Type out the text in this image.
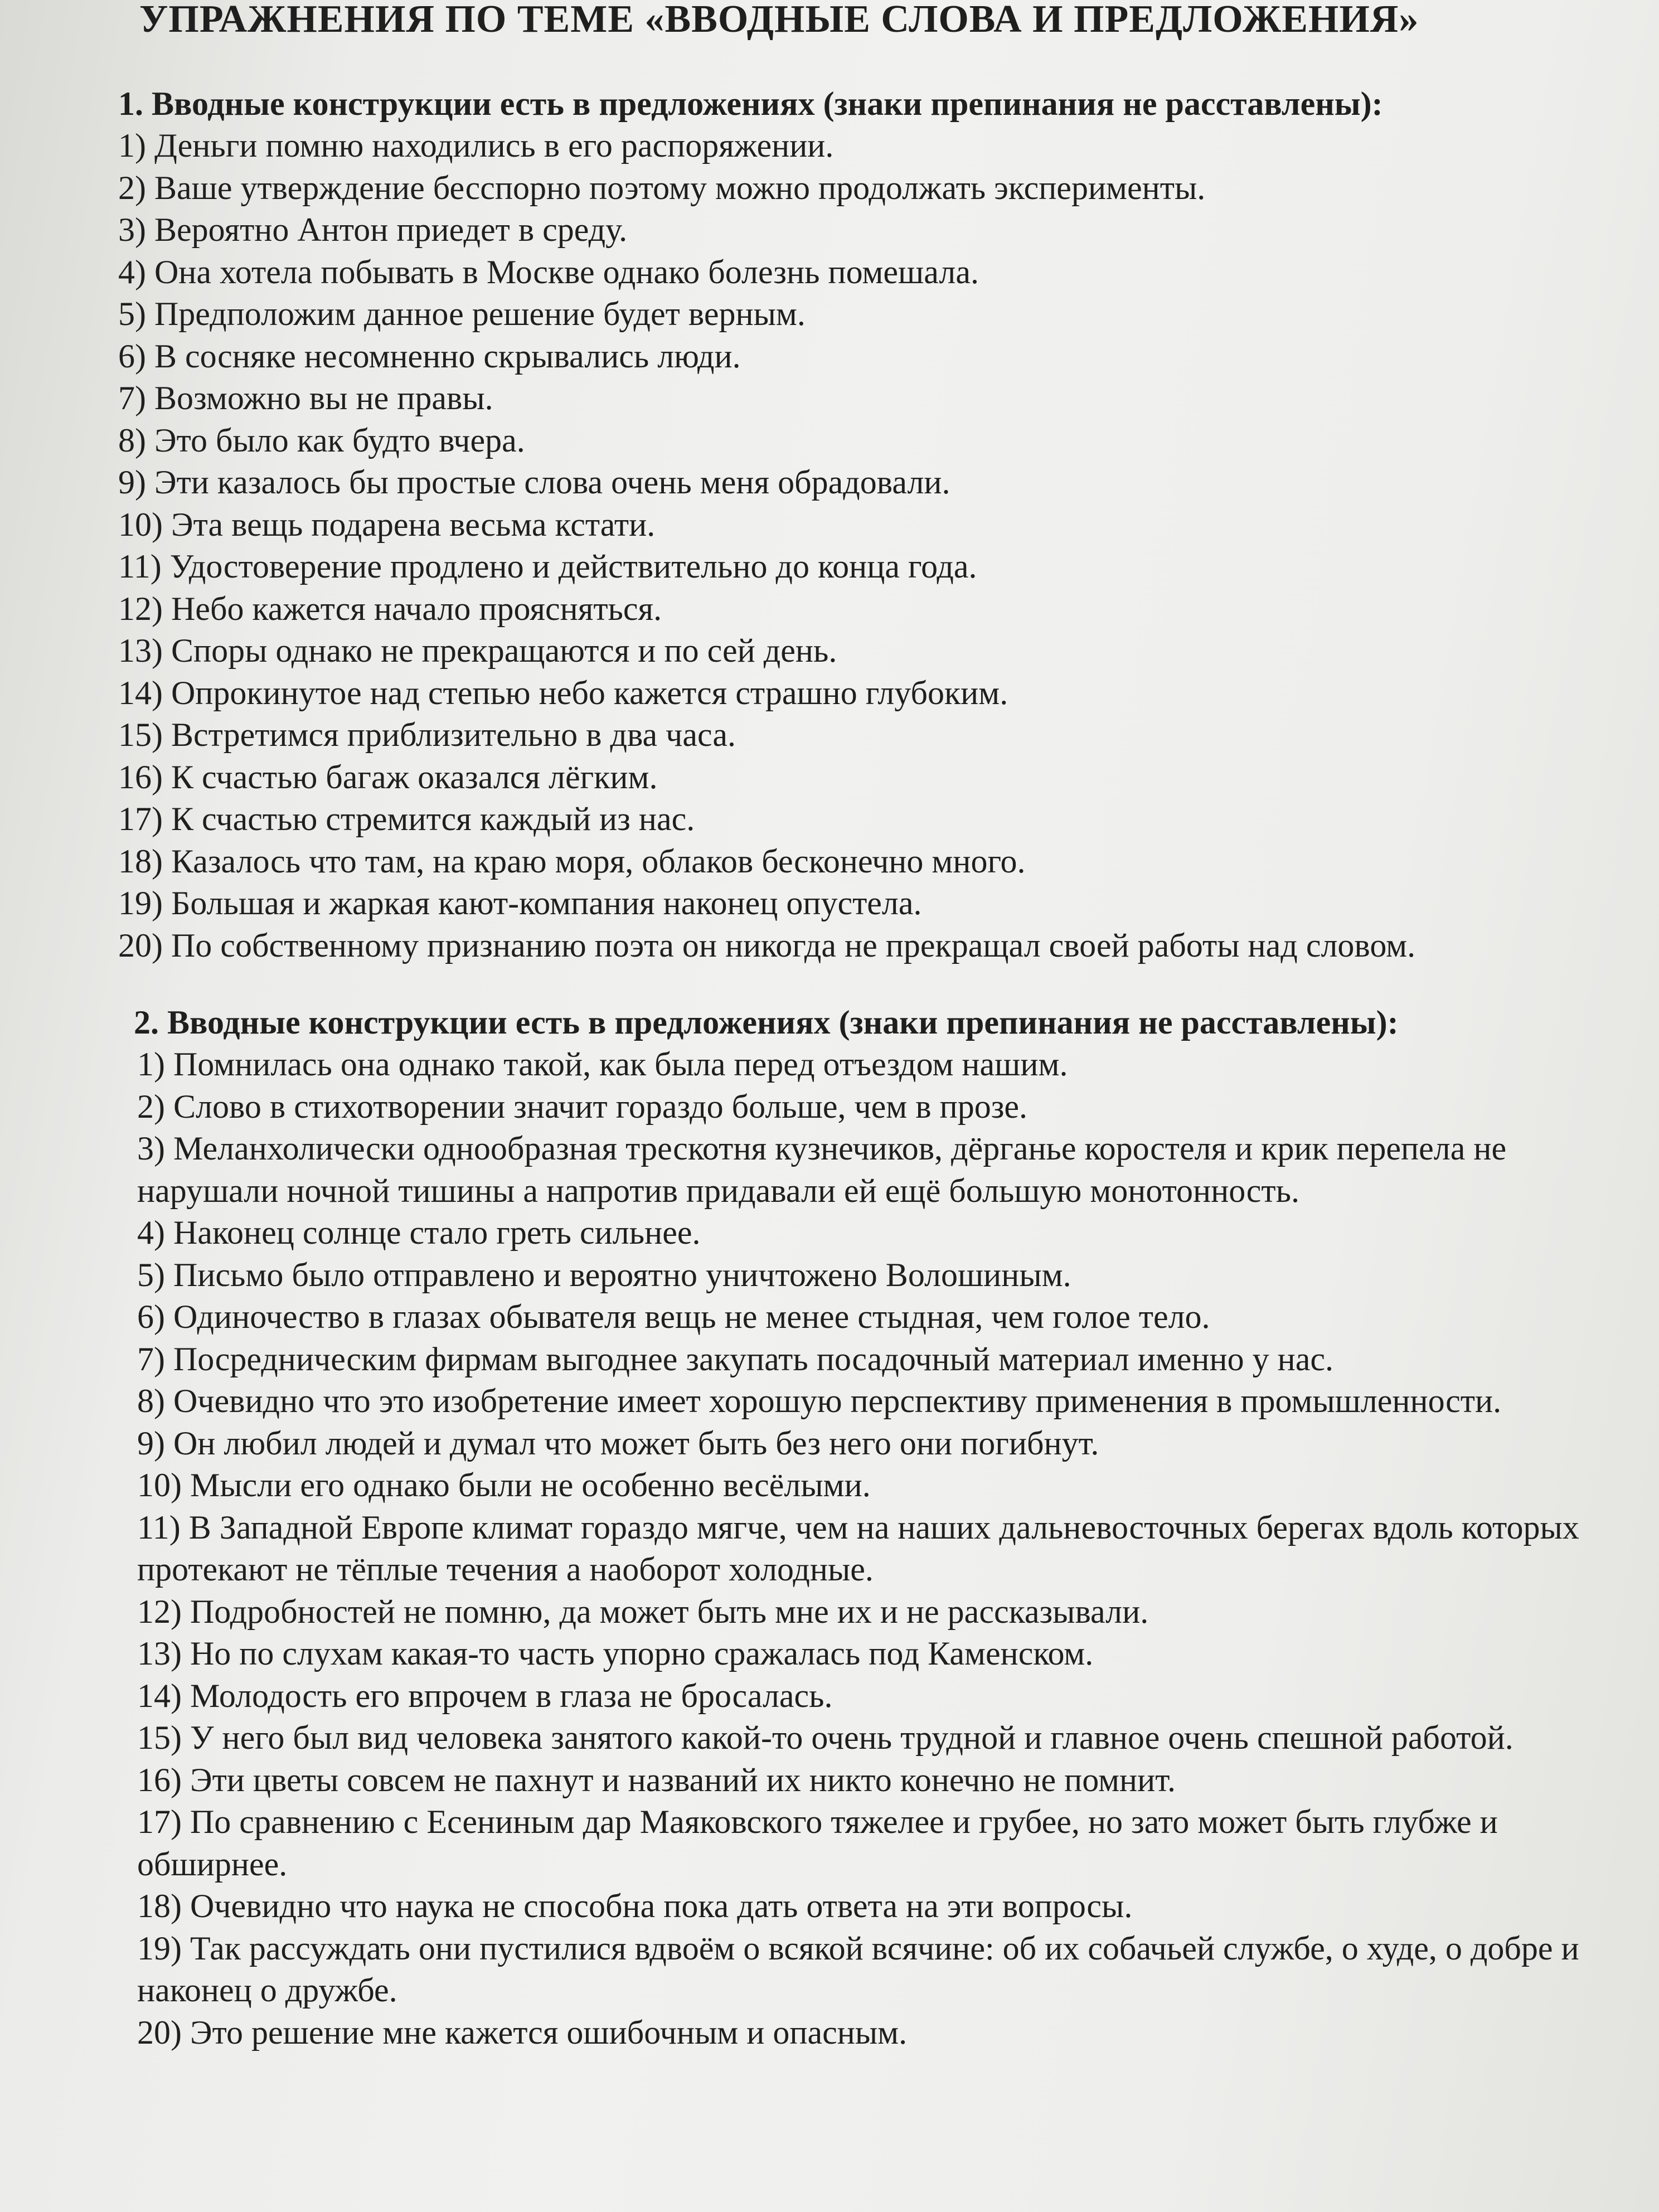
УПРАЖНЕНИЯ ПО ТЕМЕ «ВВОДНЫЕ СЛОВА И ПРЕДЛОЖЕНИЯ»
1. Вводные конструкции есть в предложениях (знаки препинания не расставлены):
1) Деньги помню находились в его распоряжении.
2) Ваше утверждение бесспорно поэтому можно продолжать эксперименты.
3) Вероятно Антон приедет в среду.
4) Она хотела побывать в Москве однако болезнь помешала.
5) Предположим данное решение будет верным.
6) В сосняке несомненно скрывались люди.
7) Возможно вы не правы.
8) Это было как будто вчера.
9) Эти казалось бы простые слова очень меня обрадовали.
10) Эта вещь подарена весьма кстати.
11) Удостоверение продлено и действительно до конца года.
12) Небо кажется начало проясняться.
13) Споры однако не прекращаются и по сей день.
14) Опрокинутое над степью небо кажется страшно глубоким.
15) Встретимся приблизительно в два часа.
16) К счастью багаж оказался лёгким.
17) К счастью стремится каждый из нас.
18) Казалось что там, на краю моря, облаков бесконечно много.
19) Большая и жаркая кают-компания наконец опустела.
20) По собственному признанию поэта он никогда не прекращал своей работы над словом.
2. Вводные конструкции есть в предложениях (знаки препинания не расставлены):
1) Помнилась она однако такой, как была перед отъездом нашим.
2) Слово в стихотворении значит гораздо больше, чем в прозе.
3) Меланхолически однообразная трескотня кузнечиков, дёрганье коростеля и крик перепела не нарушали ночной тишины а напротив придавали ей ещё большую монотонность.
4) Наконец солнце стало греть сильнее.
5) Письмо было отправлено и вероятно уничтожено Волошиным.
6) Одиночество в глазах обывателя вещь не менее стыдная, чем голое тело.
7) Посредническим фирмам выгоднее закупать посадочный материал именно у нас.
8) Очевидно что это изобретение имеет хорошую перспективу применения в промышленности.
9) Он любил людей и думал что может быть без него они погибнут.
10) Мысли его однако были не особенно весёлыми.
11) В Западной Европе климат гораздо мягче, чем на наших дальневосточных берегах вдоль которых протекают не тёплые течения а наоборот холодные.
12) Подробностей не помню, да может быть мне их и не рассказывали.
13) Но по слухам какая-то часть упорно сражалась под Каменском.
14) Молодость его впрочем в глаза не бросалась.
15) У него был вид человека занятого какой-то очень трудной и главное очень спешной работой.
16) Эти цветы совсем не пахнут и названий их никто конечно не помнит.
17) По сравнению с Есениным дар Маяковского тяжелее и грубее, но зато может быть глубже и обширнее.
18) Очевидно что наука не способна пока дать ответа на эти вопросы.
19) Так рассуждать они пустилися вдвоём о всякой всячине: об их собачьей службе, о худе, о добре и наконец о дружбе.
20) Это решение мне кажется ошибочным и опасным.
